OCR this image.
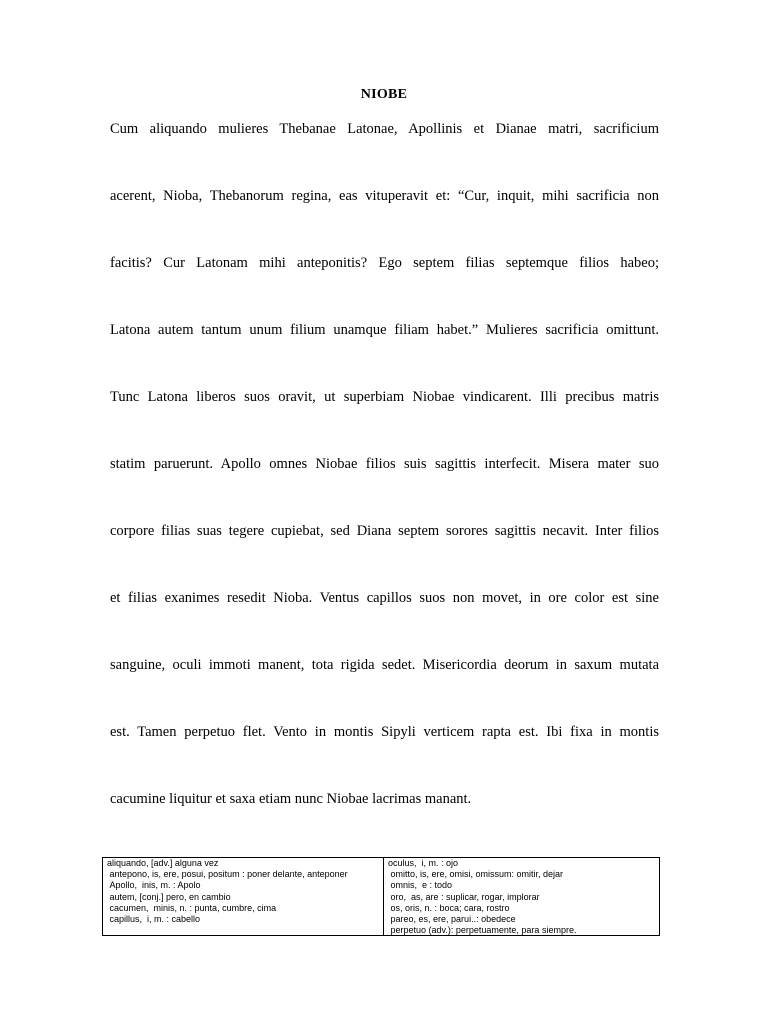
NIOBE
Cum aliquando mulieres Thebanae Latonae, Apollinis et Dianae matri, sacrificium
acerent, Nioba, Thebanorum regina, eas vituperavit et: “Cur, inquit, mihi sacrificia non
facitis? Cur Latonam mihi anteponitis? Ego septem filias septemque filios habeo;
Latona autem tantum unum filium unamque filiam habet.” Mulieres sacrificia omittunt.
Tunc Latona liberos suos oravit, ut superbiam Niobae vindicarent. Illi precibus matris
statim paruerunt. Apollo omnes Niobae filios suis sagittis interfecit. Misera mater suo
corpore filias suas tegere cupiebat, sed Diana septem sorores sagittis necavit. Inter filios
et filias exanimes resedit Nioba. Ventus capillos suos non movet, in ore color est sine
sanguine, oculi immoti manent, tota rigida sedet. Misericordia deorum in saxum mutata
est. Tamen perpetuo flet. Vento in montis Sipyli verticem rapta est. Ibi fixa in montis
cacumine liquitur et saxa etiam nunc Niobae lacrimas manant.
aliquando, [adv.] alguna vez
antepono, is, ere, posui, positum : poner delante, anteponer
Apollo,  inis, m. : Apolo
autem, [conj.] pero, en cambio
cacumen,  minis, n. : punta, cumbre, cima
capillus,  i, m. : cabello
oculus,  i, m. : ojo
omitto, is, ere, omisi, omissum: omitir, dejar
omnis,  e : todo
oro,  as, are : suplicar, rogar, implorar
os, oris, n. : boca; cara, rostro
pareo, es, ere, parui..: obedece
perpetuo (adv.): perpetuamente, para siempre.
